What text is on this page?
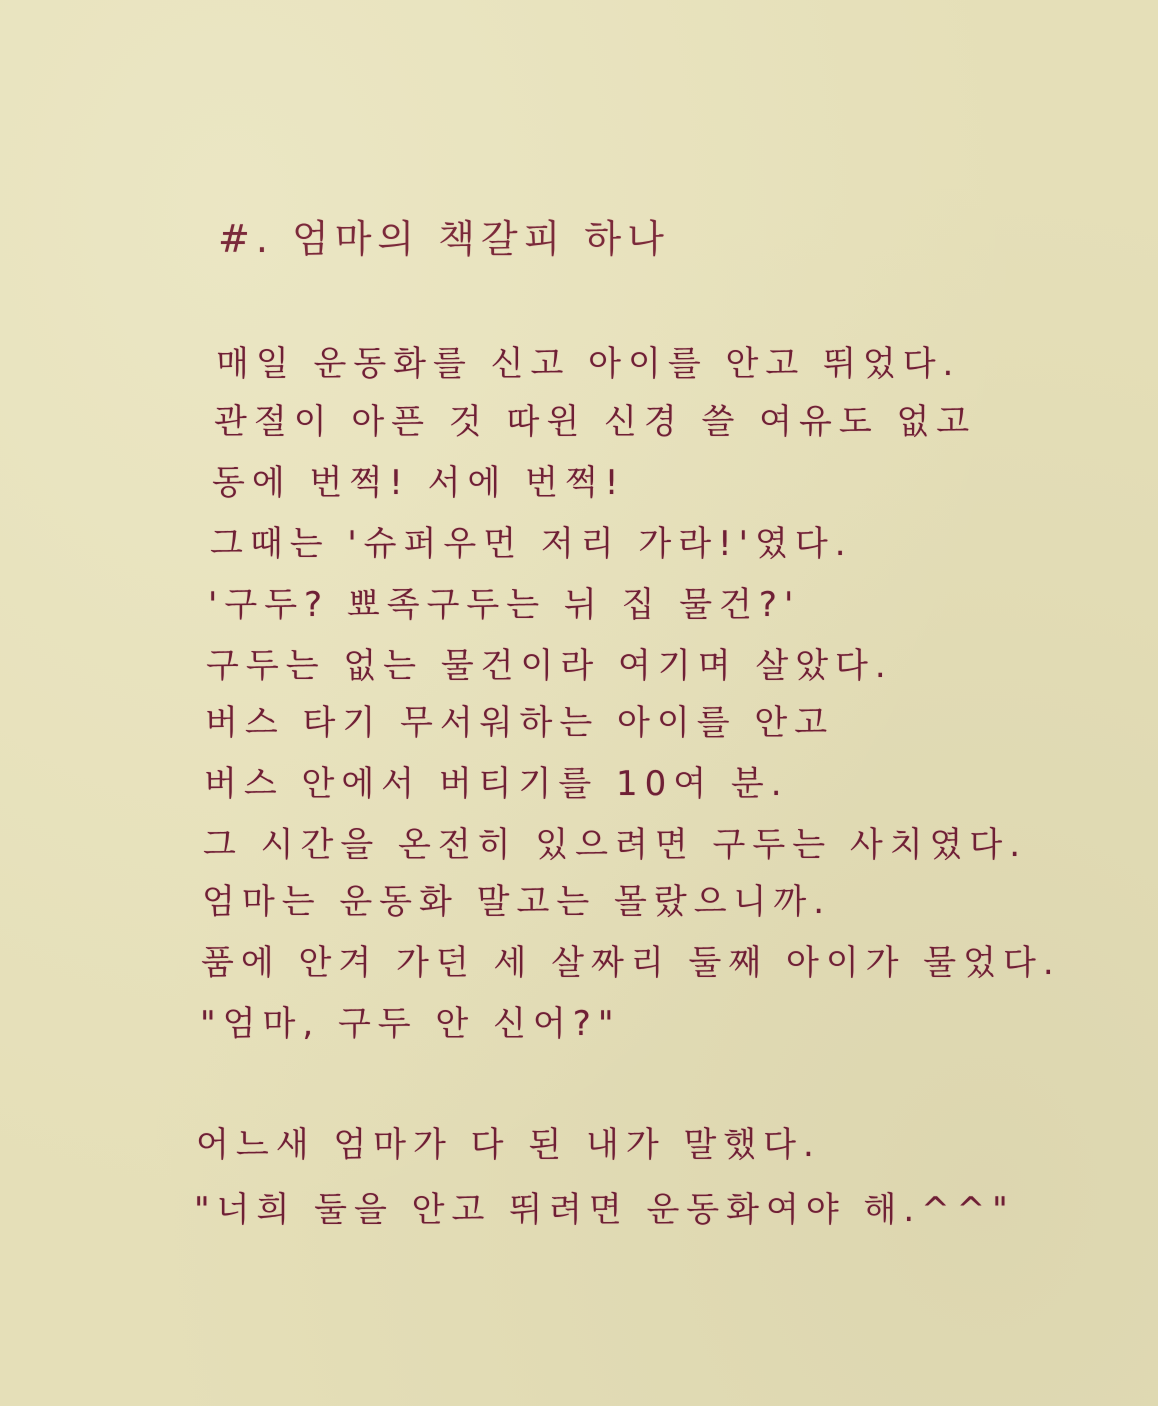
#. 엄마의 책갈피 하나
매일 운동화를 신고 아이를 안고 뛰었다.
관절이 아픈 것 따윈 신경 쓸 여유도 없고
동에 번쩍! 서에 번쩍!
그때는 '슈퍼우먼 저리 가라!'였다.
'구두? 뾰족구두는 뉘 집 물건?'
구두는 없는 물건이라 여기며 살았다.
버스 타기 무서워하는 아이를 안고
버스 안에서 버티기를 10여 분.
그 시간을 온전히 있으려면 구두는 사치였다.
엄마는 운동화 말고는 몰랐으니까.
품에 안겨 가던 세 살짜리 둘째 아이가 물었다.
"엄마, 구두 안 신어?"
어느새 엄마가 다 된 내가 말했다.
"너희 둘을 안고 뛰려면 운동화여야 해.^^"
